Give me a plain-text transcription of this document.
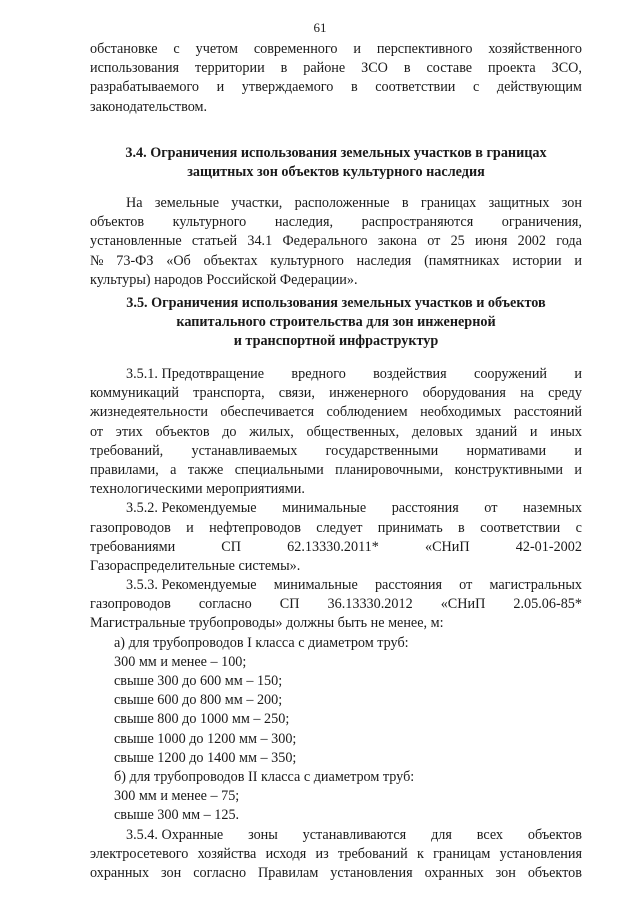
61
обстановке с учетом современного и перспективного хозяйственного
использования территории в районе ЗСО в составе проекта ЗСО,
разрабатываемого и утверждаемого в соответствии с действующим
законодательством.
3.4. Ограничения использования земельных участков в границах
защитных зон объектов культурного наследия
На земельные участки, расположенные в границах защитных зон
объектов культурного наследия, распространяются ограничения,
установленные статьей 34.1 Федерального закона от 25 июня 2002 года
№ 73-ФЗ «Об объектах культурного наследия (памятниках истории и
культуры) народов Российской Федерации».
3.5. Ограничения использования земельных участков и объектов
капитального строительства для зон инженерной
и транспортной инфраструктур
3.5.1. Предотвращение вредного воздействия сооружений и
коммуникаций транспорта, связи, инженерного оборудования на среду
жизнедеятельности обеспечивается соблюдением необходимых расстояний
от этих объектов до жилых, общественных, деловых зданий и иных
требований, устанавливаемых государственными нормативами и
правилами, а также специальными планировочными, конструктивными и
технологическими мероприятиями.
3.5.2. Рекомендуемые минимальные расстояния от наземных
газопроводов и нефтепроводов следует принимать в соответствии с
требованиями	СП	62.13330.2011*	«СНиП	42-01-2002
Газораспределительные системы».
3.5.3. Рекомендуемые минимальные расстояния от магистральных
газопроводов согласно СП 36.13330.2012 «СНиП 2.05.06-85*
Магистральные трубопроводы» должны быть не менее, м:
а) для трубопроводов I класса с диаметром труб:
300 мм и менее – 100;
свыше 300 до 600 мм – 150;
свыше 600 до 800 мм – 200;
свыше 800 до 1000 мм – 250;
свыше 1000 до 1200 мм – 300;
свыше 1200 до 1400 мм – 350;
б) для трубопроводов II класса с диаметром труб:
300 мм и менее – 75;
свыше 300 мм – 125.
3.5.4. Охранные зоны устанавливаются для всех объектов
электросетевого хозяйства исходя из требований к границам установления
охранных зон согласно Правилам установления охранных зон объектов
